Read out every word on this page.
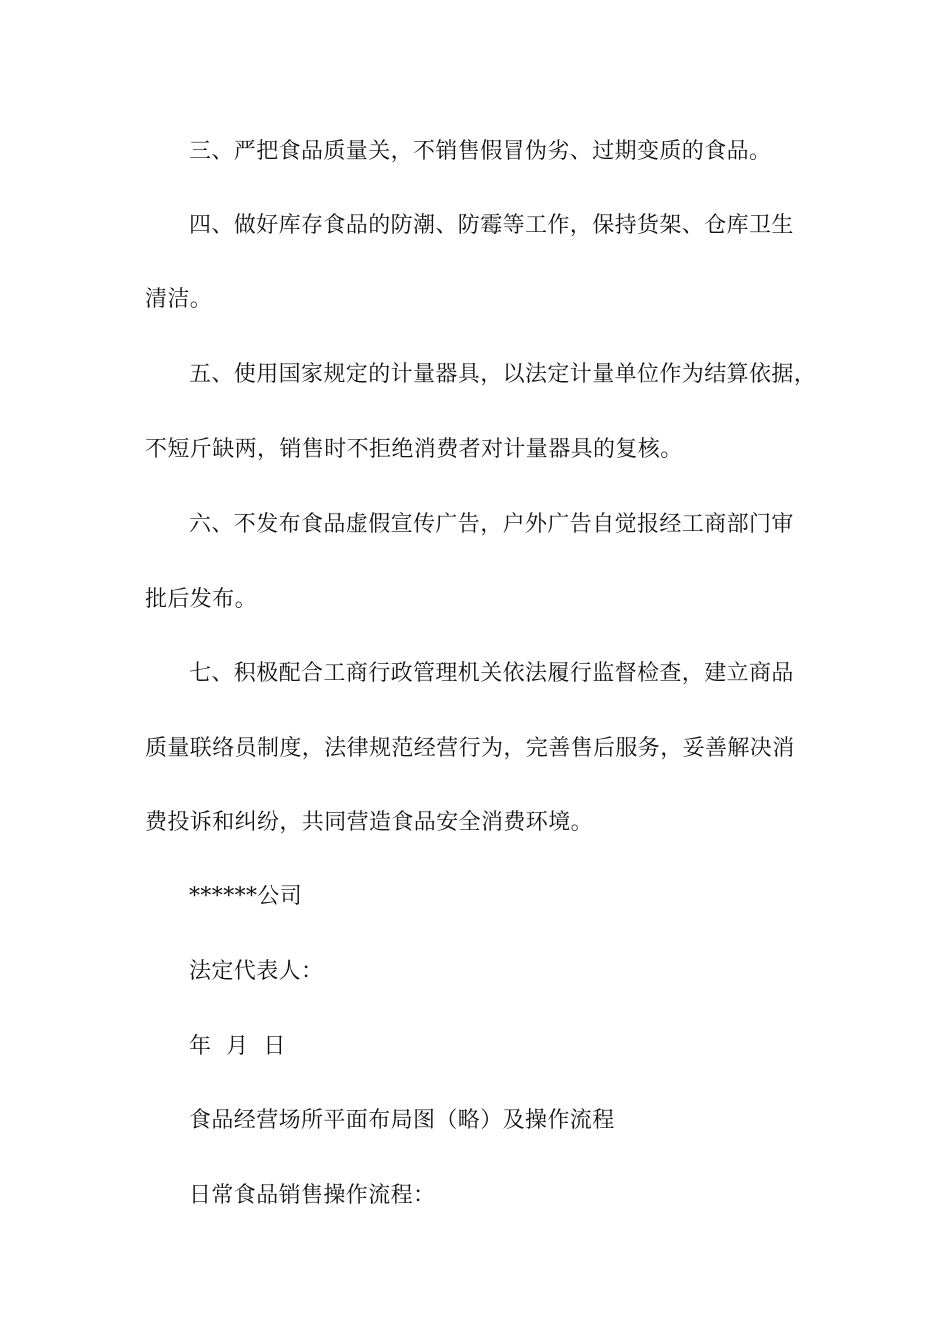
三、严把食品质量关，不销售假冒伪劣、过期变质的食品。
四、做好库存食品的防潮、防霉等工作，保持货架、仓库卫生
清洁。
五、使用国家规定的计量器具，以法定计量单位作为结算依据，
不短斤缺两，销售时不拒绝消费者对计量器具的复核。
六、不发布食品虚假宣传广告，户外广告自觉报经工商部门审
批后发布。
七、积极配合工商行政管理机关依法履行监督检查，建立商品
质量联络员制度，法律规范经营行为，完善售后服务，妥善解决消
费投诉和纠纷，共同营造食品安全消费环境。
******公司
法定代表人：
年  月  日
食品经营场所平面布局图（略）及操作流程
日常食品销售操作流程：
